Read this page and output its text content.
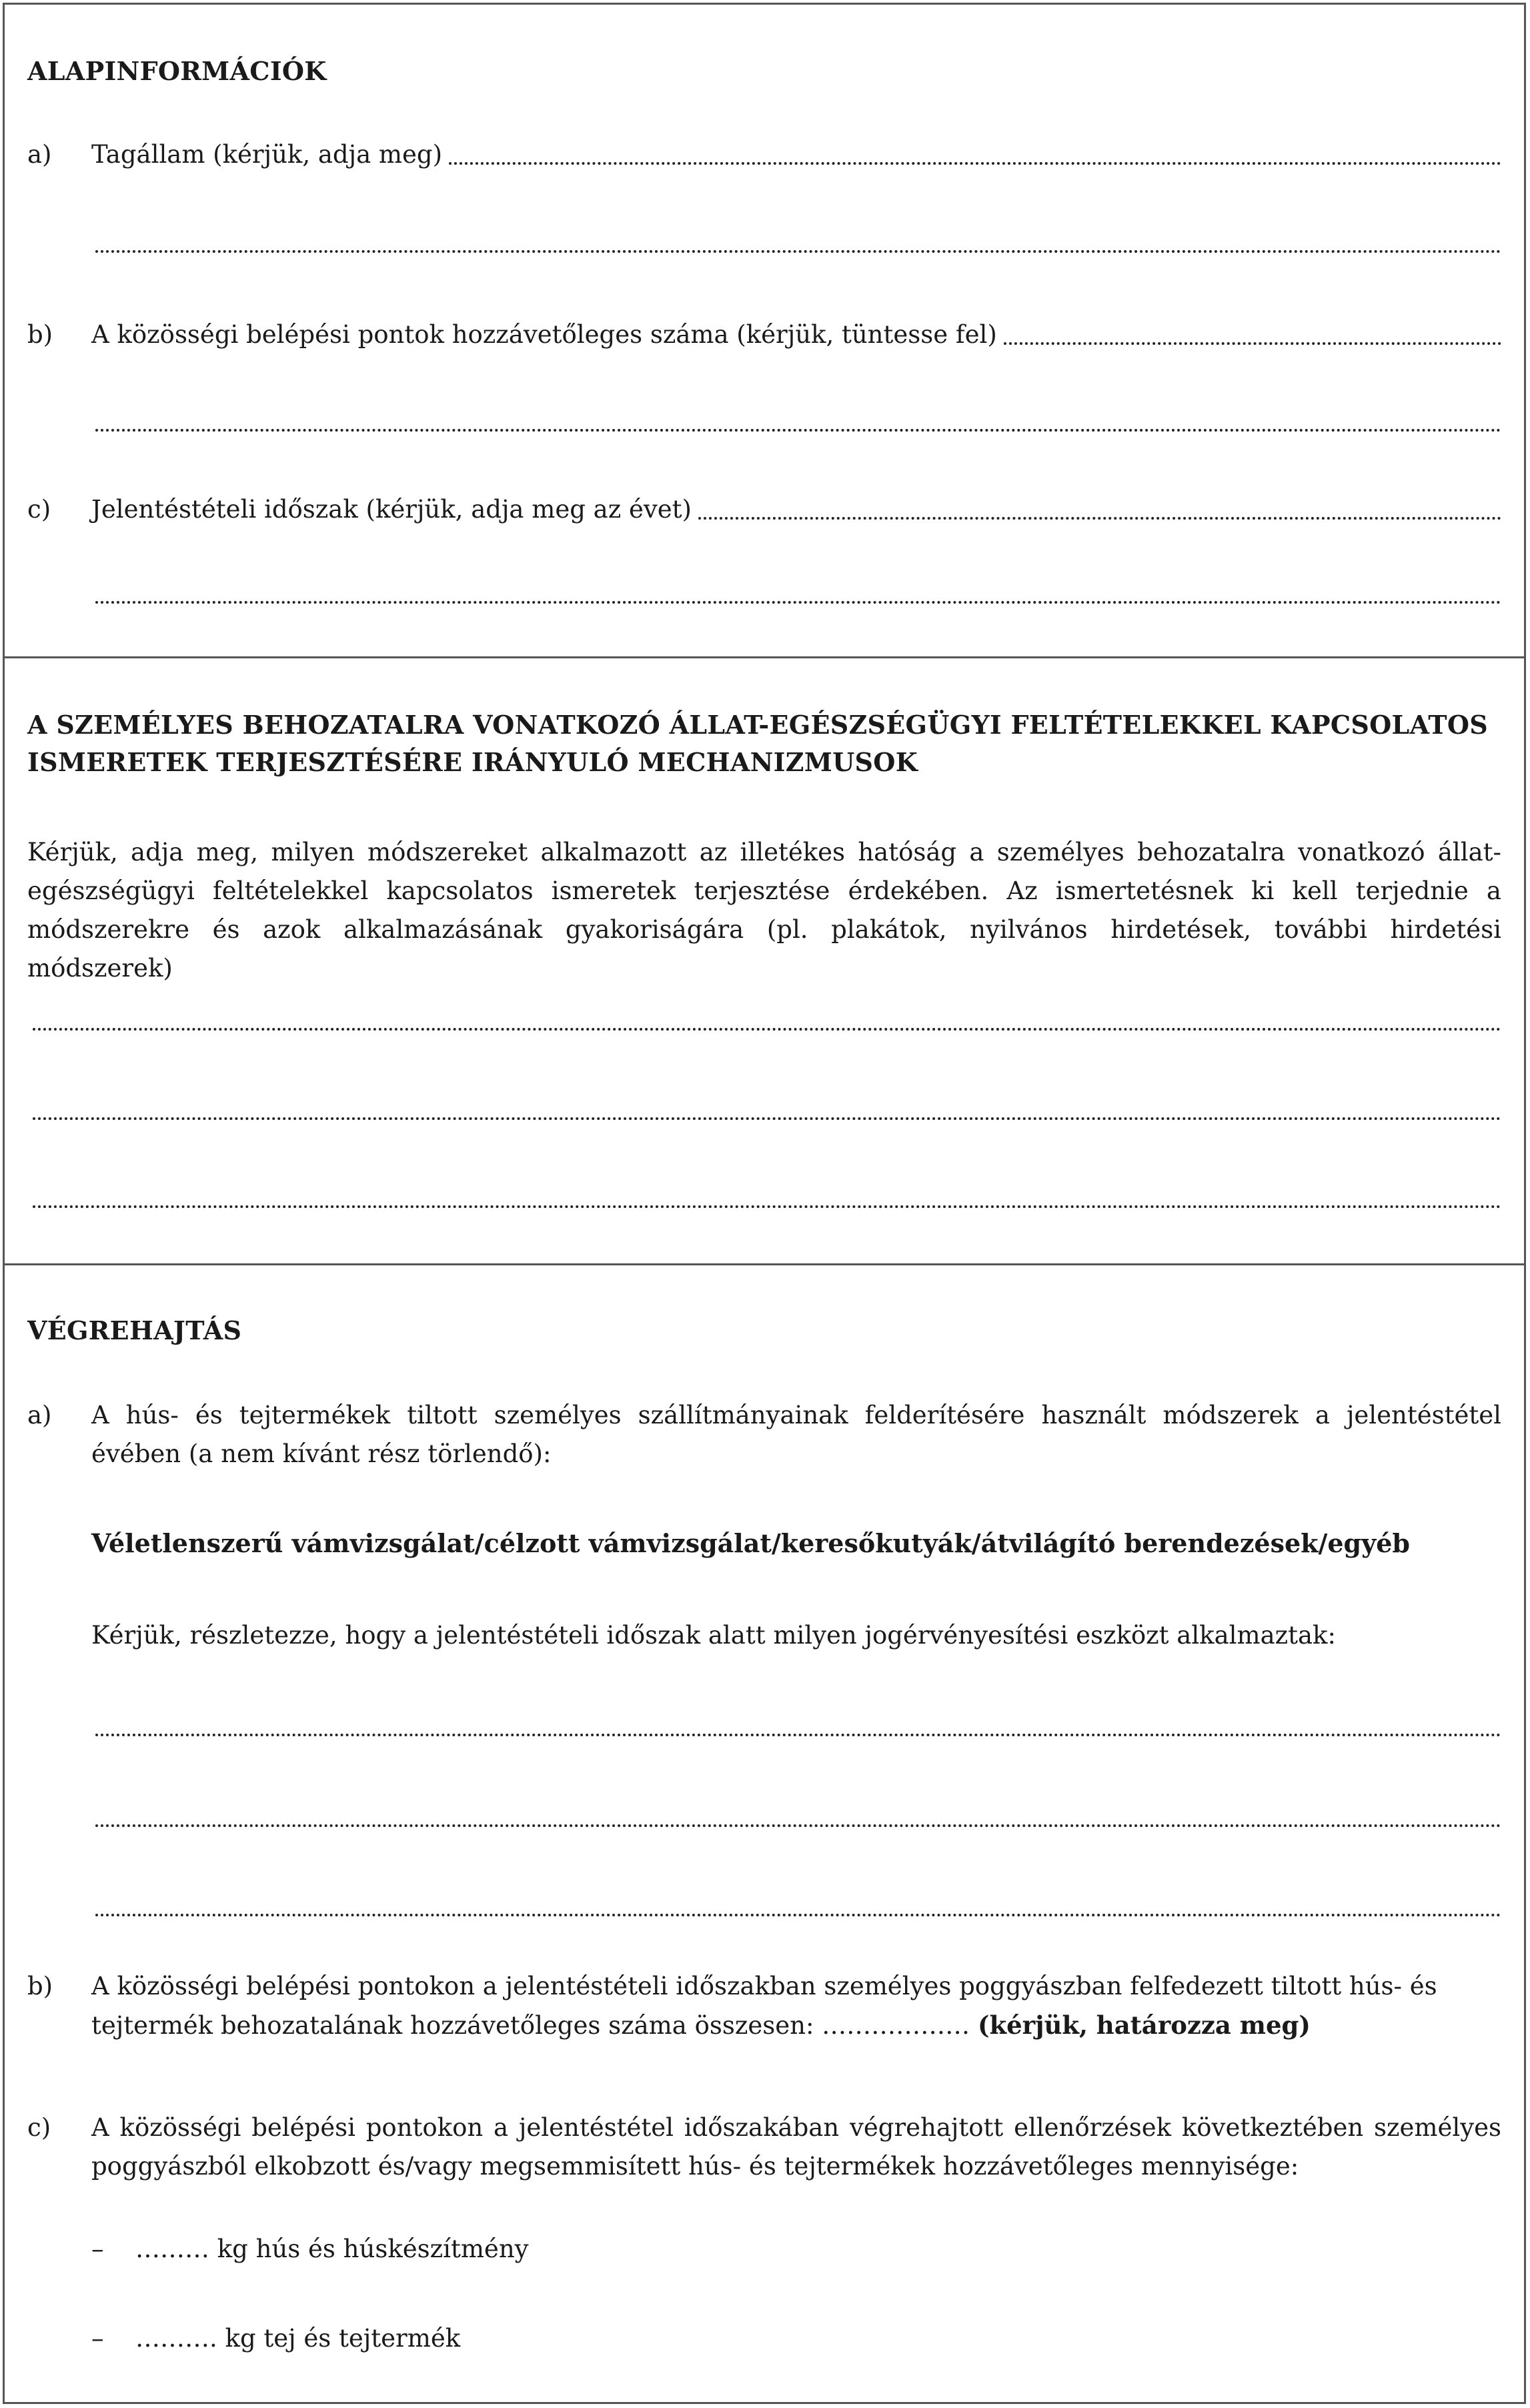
ALAPINFORMÁCIÓK
a) Tagállam (kérjük, adja meg)
b) A közösségi belépési pontok hozzávetőleges száma (kérjük, tüntesse fel)
c) Jelentéstételi időszak (kérjük, adja meg az évet)
A SZEMÉLYES BEHOZATALRA VONATKOZÓ ÁLLAT-EGÉSZSÉGÜGYI FELTÉTELEKKEL KAPCSOLATOS ISMERETEK TERJESZTÉSÉRE IRÁNYULÓ MECHANIZMUSOK
Kérjük, adja meg, milyen módszereket alkalmazott az illetékes hatóság a személyes behozatalra vonatkozó állat-egészségügyi feltételekkel kapcsolatos ismeretek terjesztése érdekében. Az ismertetésnek ki kell terjednie a módszerekre és azok alkalmazásának gyakoriságára (pl. plakátok, nyilvános hirdetések, további hirdetési módszerek)
VÉGREHAJTÁS
a) A hús- és tejtermékek tiltott személyes szállítmányainak felderítésére használt módszerek a jelentéstétel évében (a nem kívánt rész törlendő):
Véletlenszerű vámvizsgálat/célzott vámvizsgálat/keresőkutyák/átvilágító berendezések/egyéb
Kérjük, részletezze, hogy a jelentéstételi időszak alatt milyen jogérvényesítési eszközt alkalmaztak:
b) A közösségi belépési pontokon a jelentéstételi időszakban személyes poggyászban felfedezett tiltott hús- és tejtermék behozatalának hozzávetőleges száma összesen: ……………… (kérjük, határozza meg)
c) A közösségi belépési pontokon a jelentéstétel időszakában végrehajtott ellenőrzések következtében személyes poggyászból elkobzott és/vagy megsemmisített hús- és tejtermékek hozzávetőleges mennyisége:
– ……… kg hús és húskészítmény
– ………. kg tej és tejtermék
